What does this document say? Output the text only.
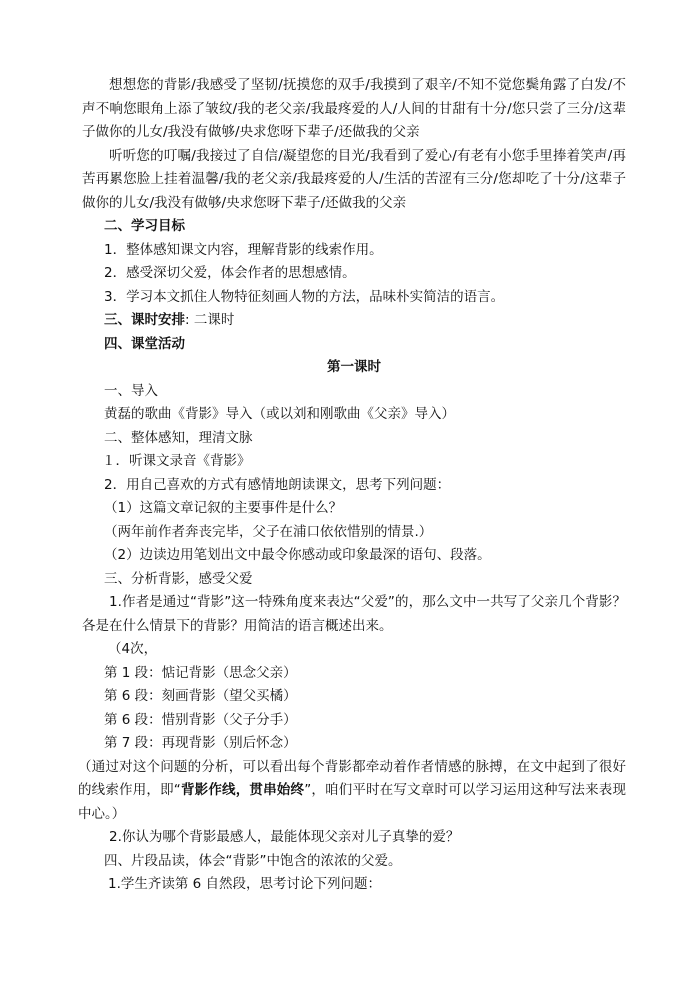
想想您的背影/我感受了坚韧/抚摸您的双手/我摸到了艰辛/不知不觉您鬓角露了白发/不声不响您眼角上添了皱纹/我的老父亲/我最疼爱的人/人间的甘甜有十分/您只尝了三分/这辈子做你的儿女/我没有做够/央求您呀下辈子/还做我的父亲

听听您的叮嘱/我接过了自信/凝望您的目光/我看到了爱心/有老有小您手里捧着笑声/再苦再累您脸上挂着温馨/我的老父亲/我最疼爱的人/生活的苦涩有三分/您却吃了十分/这辈子做你的儿女/我没有做够/央求您呀下辈子/还做我的父亲

二、学习目标

1．整体感知课文内容，理解背影的线索作用。

2．感受深切父爱，体会作者的思想感情。

3．学习本文抓住人物特征刻画人物的方法，品味朴实简洁的语言。

三、课时安排: 二课时

四、课堂活动

第一课时

一、导入

黄磊的歌曲《背影》导入（或以刘和刚歌曲《父亲》导入）

二、整体感知，理清文脉

１．听课文录音《背影》

2．用自己喜欢的方式有感情地朗读课文，思考下列问题：

（1）这篇文章记叙的主要事件是什么？

（两年前作者奔丧完毕，父子在浦口依依惜别的情景.）

（2）边读边用笔划出文中最令你感动或印象最深的语句、段落。

三、分析背影，感受父爱

1.作者是通过“背影”这一特殊角度来表达“父爱”的，那么文中一共写了父亲几个背影？各是在什么情景下的背影？用简洁的语言概述出来。

（4次，

第 1 段：惦记背影（思念父亲）

第 6 段：刻画背影（望父买橘）

第 6 段：惜别背影（父子分手）

第 7 段：再现背影（别后怀念）

（通过对这个问题的分析，可以看出每个背影都牵动着作者情感的脉搏，在文中起到了很好的线索作用，即“背影作线，贯串始终”，咱们平时在写文章时可以学习运用这种写法来表现中心。）

2.你认为哪个背影最感人，最能体现父亲对儿子真挚的爱？

四、片段品读，体会“背影”中饱含的浓浓的父爱。

1.学生齐读第 6 自然段，思考讨论下列问题：
